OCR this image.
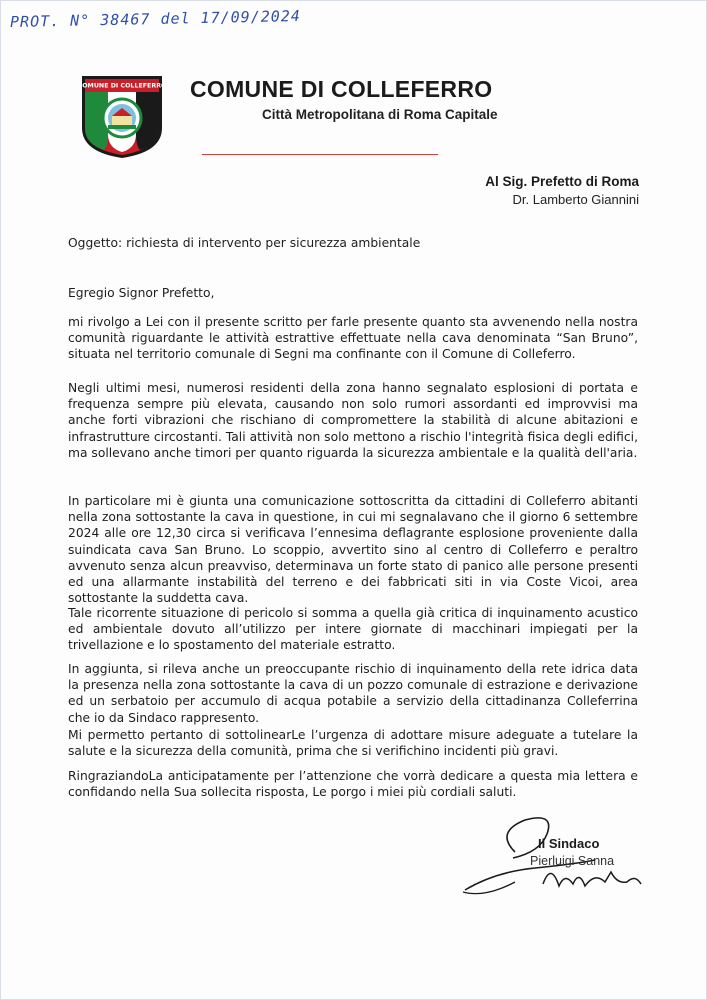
PROT. N° 38467 del 17/09/2024
COMUNE DI COLLEFERRO COMUNE DI COLLEFERRO
Città Metropolitana di Roma Capitale
Al Sig. Prefetto di Roma
Dr. Lamberto Giannini
Oggetto: richiesta di intervento per sicurezza ambientale
Egregio Signor Prefetto,
mi rivolgo a Lei con il presente scritto per farle presente quanto sta avvenendo nella nostra comunità riguardante le attività estrattive effettuate nella cava denominata “San Bruno”, situata nel territorio comunale di Segni ma confinante con il Comune di Colleferro.
Negli ultimi mesi, numerosi residenti della zona hanno segnalato esplosioni di portata e frequenza sempre più elevata, causando non solo rumori assordanti ed improvvisi ma anche forti vibrazioni che rischiano di compromettere la stabilità di alcune abitazioni e infrastrutture circostanti. Tali attività non solo mettono a rischio l'integrità fisica degli edifici, ma sollevano anche timori per quanto riguarda la sicurezza ambientale e la qualità dell'aria.
In particolare mi è giunta una comunicazione sottoscritta da cittadini di Colleferro abitanti nella zona sottostante la cava in questione, in cui mi segnalavano che il giorno 6 settembre 2024 alle ore 12,30 circa si verificava l’ennesima deflagrante esplosione proveniente dalla suindicata cava San Bruno. Lo scoppio, avvertito sino al centro di Colleferro e peraltro avvenuto senza alcun preavviso, determinava un forte stato di panico alle persone presenti ed una allarmante instabilità del terreno e dei fabbricati siti in via Coste Vicoi, area sottostante la suddetta cava.
Tale ricorrente situazione di pericolo si somma a quella già critica di inquinamento acustico ed ambientale dovuto all’utilizzo per intere giornate di macchinari impiegati per la trivellazione e lo spostamento del materiale estratto.
In aggiunta, si rileva anche un preoccupante rischio di inquinamento della rete idrica data la presenza nella zona sottostante la cava di un pozzo comunale di estrazione e derivazione ed un serbatoio per accumulo di acqua potabile a servizio della cittadinanza Colleferrina che io da Sindaco rappresento.
Mi permetto pertanto di sottolinearLe l’urgenza di adottare misure adeguate a tutelare la salute e la sicurezza della comunità, prima che si verifichino incidenti più gravi.
RingraziandoLa anticipatamente per l’attenzione che vorrà dedicare a questa mia lettera e confidando nella Sua sollecita risposta, Le porgo i miei più cordiali saluti.
Il Sindaco
Pierluigi Sanna
